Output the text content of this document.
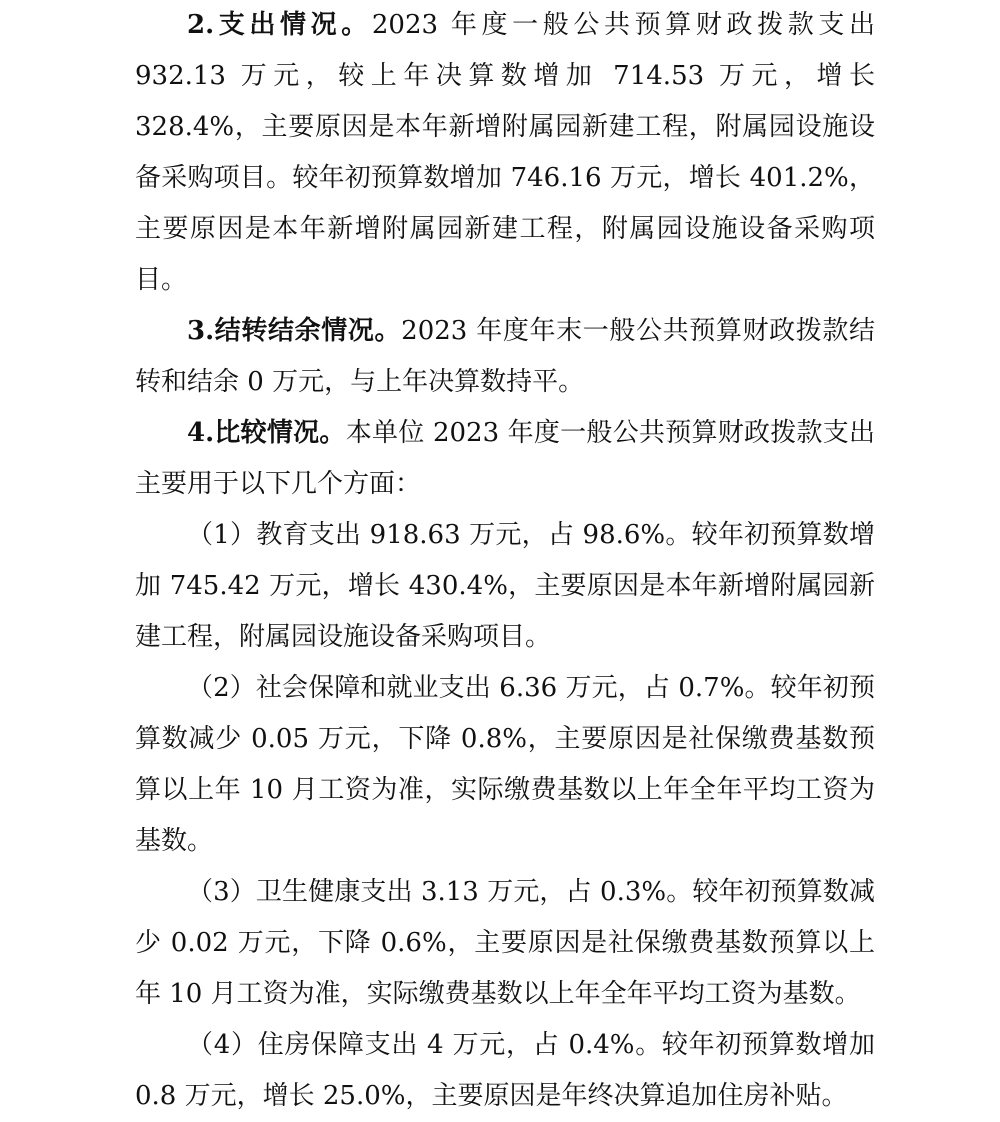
2.支出情况。2023 年度一般公共预算财政拨款支出 932.13 万元，较上年决算数增加 714.53 万元，增长 328.4%，主要原因是本年新增附属园新建工程，附属园设施设备采购项目。较年初预算数增加 746.16 万元，增长 401.2%，主要原因是本年新增附属园新建工程，附属园设施设备采购项目。

3.结转结余情况。2023 年度年末一般公共预算财政拨款结转和结余 0 万元，与上年决算数持平。

4.比较情况。本单位 2023 年度一般公共预算财政拨款支出主要用于以下几个方面：

（1）教育支出 918.63 万元，占 98.6%。较年初预算数增加 745.42 万元，增长 430.4%，主要原因是本年新增附属园新建工程，附属园设施设备采购项目。

（2）社会保障和就业支出 6.36 万元，占 0.7%。较年初预算数减少 0.05 万元，下降 0.8%，主要原因是社保缴费基数预算以上年 10 月工资为准，实际缴费基数以上年全年平均工资为基数。

（3）卫生健康支出 3.13 万元，占 0.3%。较年初预算数减少 0.02 万元，下降 0.6%，主要原因是社保缴费基数预算以上年 10 月工资为准，实际缴费基数以上年全年平均工资为基数。

（4）住房保障支出 4 万元，占 0.4%。较年初预算数增加 0.8 万元，增长 25.0%，主要原因是年终决算追加住房补贴。
